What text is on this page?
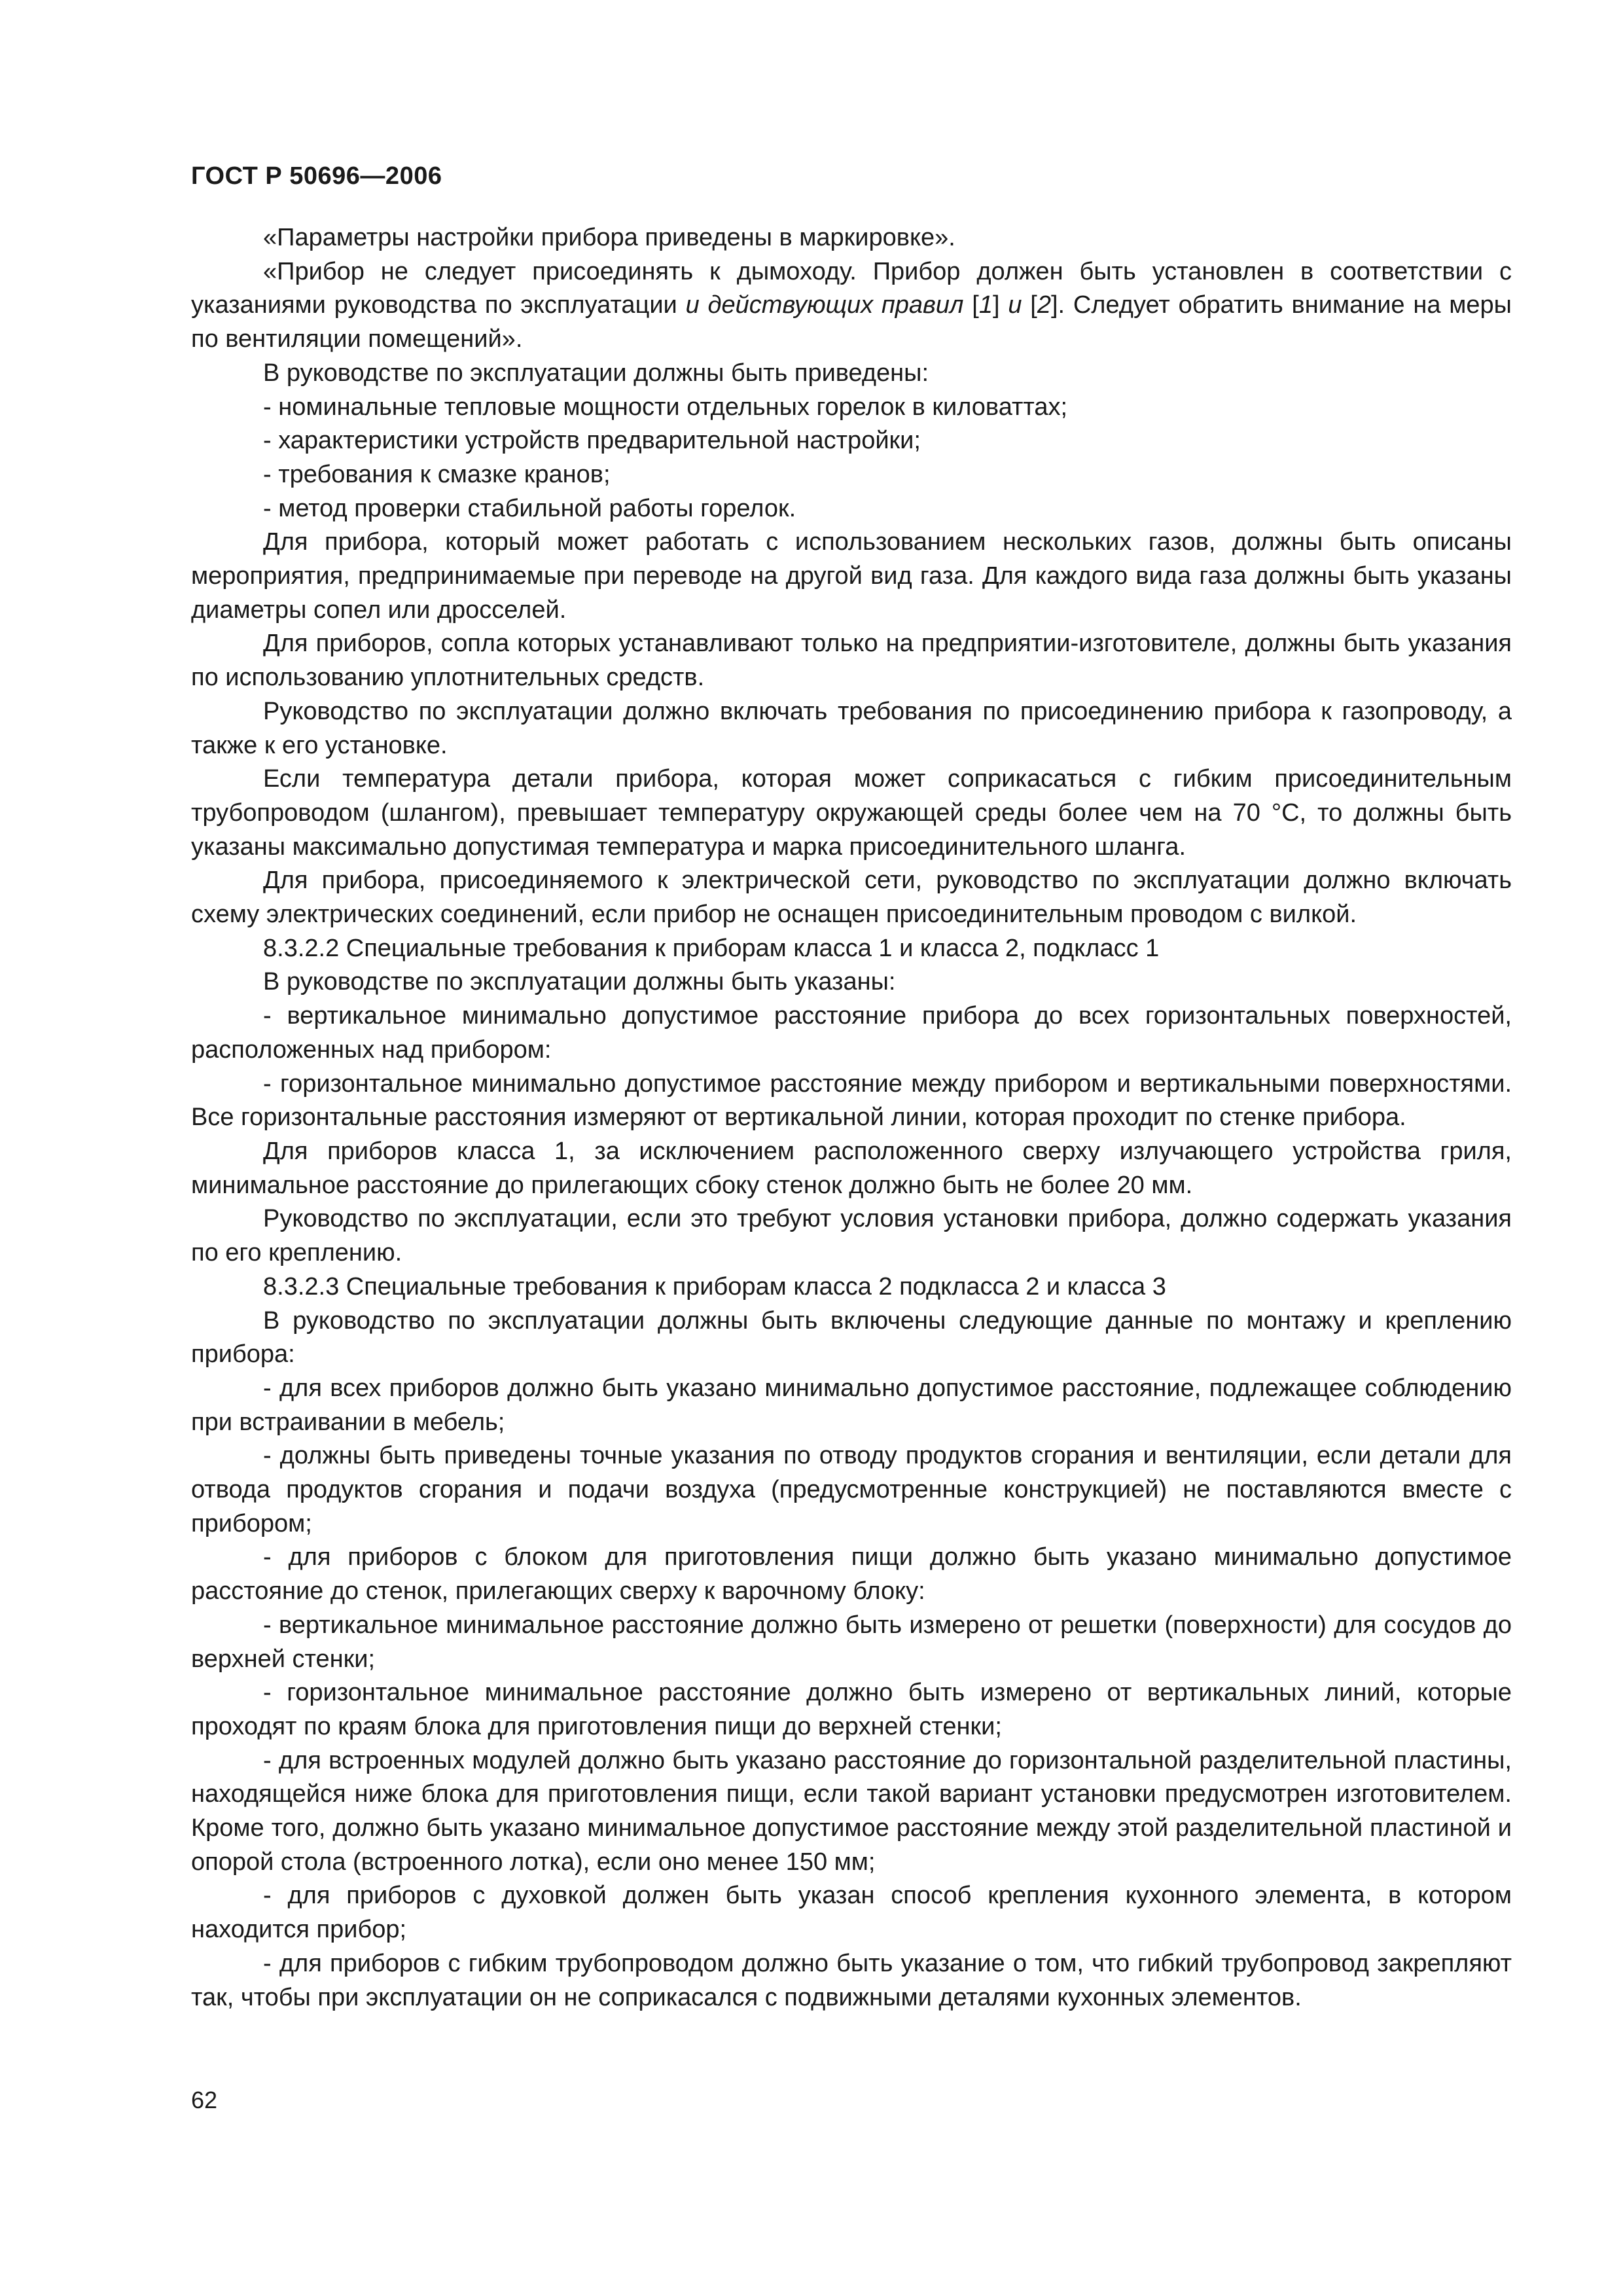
ГОСТ Р 50696—2006

«Параметры настройки прибора приведены в маркировке».

«Прибор не следует присоединять к дымоходу. Прибор должен быть установлен в соответствии с указаниями руководства по эксплуатации и действующих правил [1] и [2]. Следует обратить внимание на меры по вентиляции помещений».

В руководстве по эксплуатации должны быть приведены:

- номинальные тепловые мощности отдельных горелок в киловаттах;

- характеристики устройств предварительной настройки;

- требования к смазке кранов;

- метод проверки стабильной работы горелок.

Для прибора, который может работать с использованием нескольких газов, должны быть описаны мероприятия, предпринимаемые при переводе на другой вид газа. Для каждого вида газа должны быть указаны диаметры сопел или дросселей.

Для приборов, сопла которых устанавливают только на предприятии-изготовителе, должны быть указания по использованию уплотнительных средств.

Руководство по эксплуатации должно включать требования по присоединению прибора к газопроводу, а также к его установке.

Если температура детали прибора, которая может соприкасаться с гибким присоединительным трубопроводом (шлангом), превышает температуру окружающей среды более чем на 70 °С, то должны быть указаны максимально допустимая температура и марка присоединительного шланга.

Для прибора, присоединяемого к электрической сети, руководство по эксплуатации должно включать схему электрических соединений, если прибор не оснащен присоединительным проводом с вилкой.

8.3.2.2 Специальные требования к приборам класса 1 и класса 2, подкласс 1

В руководстве по эксплуатации должны быть указаны:

- вертикальное минимально допустимое расстояние прибора до всех горизонтальных поверхностей, расположенных над прибором:

- горизонтальное минимально допустимое расстояние между прибором и вертикальными поверхностями. Все горизонтальные расстояния измеряют от вертикальной линии, которая проходит по стенке прибора.

Для приборов класса 1, за исключением расположенного сверху излучающего устройства гриля, минимальное расстояние до прилегающих сбоку стенок должно быть не более 20 мм.

Руководство по эксплуатации, если это требуют условия установки прибора, должно содержать указания по его креплению.

8.3.2.3 Специальные требования к приборам класса 2 подкласса 2 и класса 3

В руководство по эксплуатации должны быть включены следующие данные по монтажу и креплению прибора:

- для всех приборов должно быть указано минимально допустимое расстояние, подлежащее соблюдению при встраивании в мебель;

- должны быть приведены точные указания по отводу продуктов сгорания и вентиляции, если детали для отвода продуктов сгорания и подачи воздуха (предусмотренные конструкцией) не поставляются вместе с прибором;

- для приборов с блоком для приготовления пищи должно быть указано минимально допустимое расстояние до стенок, прилегающих сверху к варочному блоку:

- вертикальное минимальное расстояние должно быть измерено от решетки (поверхности) для сосудов до верхней стенки;

- горизонтальное минимальное расстояние должно быть измерено от вертикальных линий, которые проходят по краям блока для приготовления пищи до верхней стенки;

- для встроенных модулей должно быть указано расстояние до горизонтальной разделительной пластины, находящейся ниже блока для приготовления пищи, если такой вариант установки предусмотрен изготовителем. Кроме того, должно быть указано минимальное допустимое расстояние между этой разделительной пластиной и опорой стола (встроенного лотка), если оно менее 150 мм;

- для приборов с духовкой должен быть указан способ крепления кухонного элемента, в котором находится прибор;

- для приборов с гибким трубопроводом должно быть указание о том, что гибкий трубопровод закрепляют так, чтобы при эксплуатации он не соприкасался с подвижными деталями кухонных элементов.

62
